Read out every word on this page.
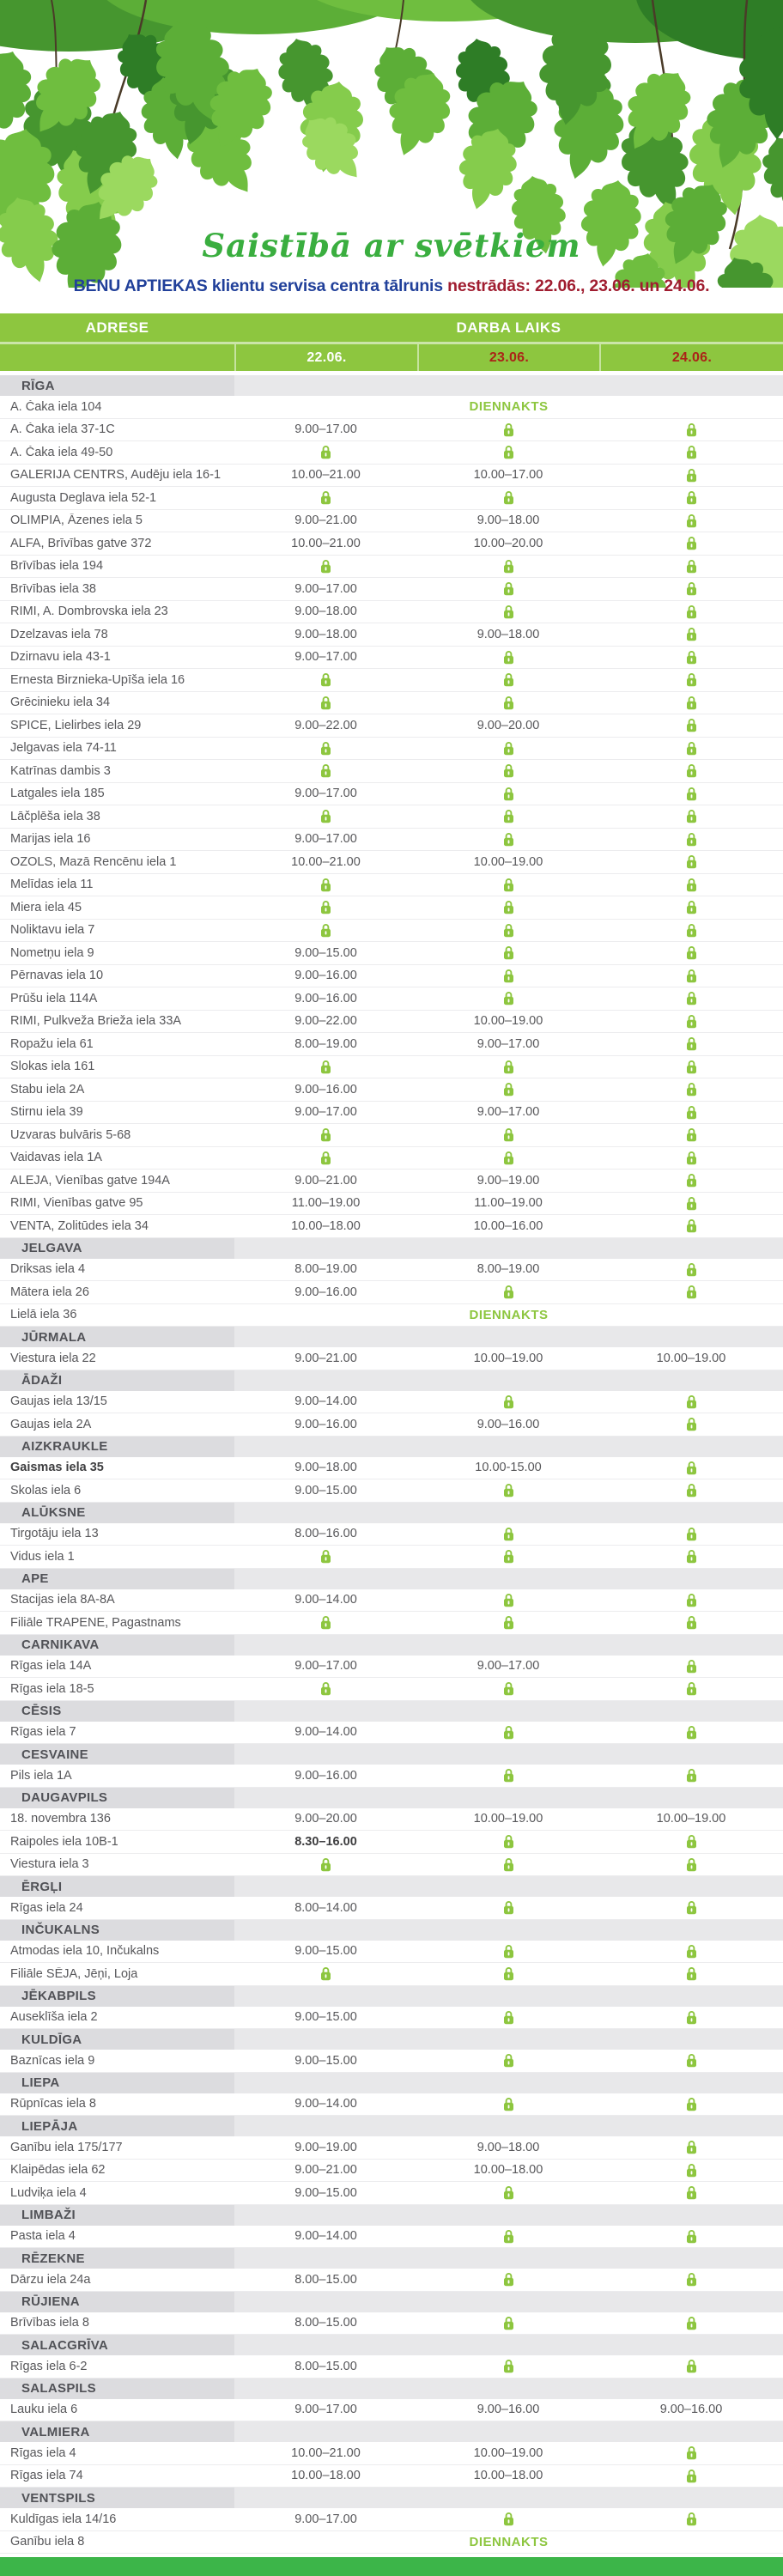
Saistībā ar svētkiem
BENU APTIEKAS klientu servisa centra tālrunis nestrādās: 22.06., 23.06. un 24.06.
ADRESE	DARBA LAIKS
22.06.	23.06.	24.06.
RĪGA
A. Čaka iela 104	DIENNAKTS
A. Čaka iela 37-1C	9.00–17.00
A. Čaka iela 49-50
GALERIJA CENTRS, Audēju iela 16-1	10.00–21.00	10.00–17.00
Augusta Deglava iela 52-1
OLIMPIA, Āzenes iela 5	9.00–21.00	9.00–18.00
ALFA, Brīvības gatve 372	10.00–21.00	10.00–20.00
Brīvības iela 194
Brīvības iela 38	9.00–17.00
RIMI, A. Dombrovska iela 23	9.00–18.00
Dzelzavas iela 78	9.00–18.00	9.00–18.00
Dzirnavu iela 43-1	9.00–17.00
Ernesta Birznieka-Upīša iela 16
Grēcinieku iela 34
SPICE, Lielirbes iela 29	9.00–22.00	9.00–20.00
Jelgavas iela 74-11
Katrīnas dambis 3
Latgales iela 185	9.00–17.00
Lāčplēša iela 38
Marijas iela 16	9.00–17.00
OZOLS, Mazā Rencēnu iela 1	10.00–21.00	10.00–19.00
Melīdas iela 11
Miera iela 45
Noliktavu iela 7
Nometņu iela 9	9.00–15.00
Pērnavas iela 10	9.00–16.00
Prūšu iela 114A	9.00–16.00
RIMI, Pulkveža Brieža iela 33A	9.00–22.00	10.00–19.00
Ropažu iela 61	8.00–19.00	9.00–17.00
Slokas iela 161
Stabu iela 2A	9.00–16.00
Stirnu iela 39	9.00–17.00	9.00–17.00
Uzvaras bulvāris 5-68
Vaidavas iela 1A
ALEJA, Vienības gatve 194A	9.00–21.00	9.00–19.00
RIMI, Vienības gatve 95	11.00–19.00	11.00–19.00
VENTA, Zolitūdes iela 34	10.00–18.00	10.00–16.00
JELGAVA
Driksas iela 4	8.00–19.00	8.00–19.00
Mātera iela 26	9.00–16.00
Lielā iela 36	DIENNAKTS
JŪRMALA
Viestura iela 22	9.00–21.00	10.00–19.00	10.00–19.00
ĀDAŽI
Gaujas iela 13/15	9.00–14.00
Gaujas iela 2A	9.00–16.00	9.00–16.00
AIZKRAUKLE
Gaismas iela 35	9.00–18.00	10.00-15.00
Skolas iela 6	9.00–15.00
ALŪKSNE
Tirgotāju iela 13	8.00–16.00
Vidus iela 1
APE
Stacijas iela 8A-8A	9.00–14.00
Filiāle TRAPENE, Pagastnams
CARNIKAVA
Rīgas iela 14A	9.00–17.00	9.00–17.00
Rīgas iela 18-5
CĒSIS
Rīgas iela 7	9.00–14.00
CESVAINE
Pils iela 1A	9.00–16.00
DAUGAVPILS
18. novembra 136	9.00–20.00	10.00–19.00	10.00–19.00
Raipoles iela 10B-1	8.30–16.00
Viestura iela 3
ĒRGĻI
Rīgas iela 24	8.00–14.00
INČUKALNS
Atmodas iela 10, Inčukalns	9.00–15.00
Filiāle SĒJA, Jēņi, Loja
JĒKABPILS
Auseklīša iela 2	9.00–15.00
KULDĪGA
Baznīcas iela 9	9.00–15.00
LIEPA
Rūpnīcas iela 8	9.00–14.00
LIEPĀJA
Ganību iela 175/177	9.00–19.00	9.00–18.00
Klaipēdas iela 62	9.00–21.00	10.00–18.00
Ludviķa iela 4	9.00–15.00
LIMBAŽI
Pasta iela 4	9.00–14.00
RĒZEKNE
Dārzu iela 24a	8.00–15.00
RŪJIENA
Brīvības iela 8	8.00–15.00
SALACGRĪVA
Rīgas iela 6-2	8.00–15.00
SALASPILS
Lauku iela 6	9.00–17.00	9.00–16.00	9.00–16.00
VALMIERA
Rīgas iela 4	10.00–21.00	10.00–19.00
Rīgas iela 74	10.00–18.00	10.00–18.00
VENTSPILS
Kuldīgas iela 14/16	9.00–17.00
Ganību iela 8	DIENNAKTS
